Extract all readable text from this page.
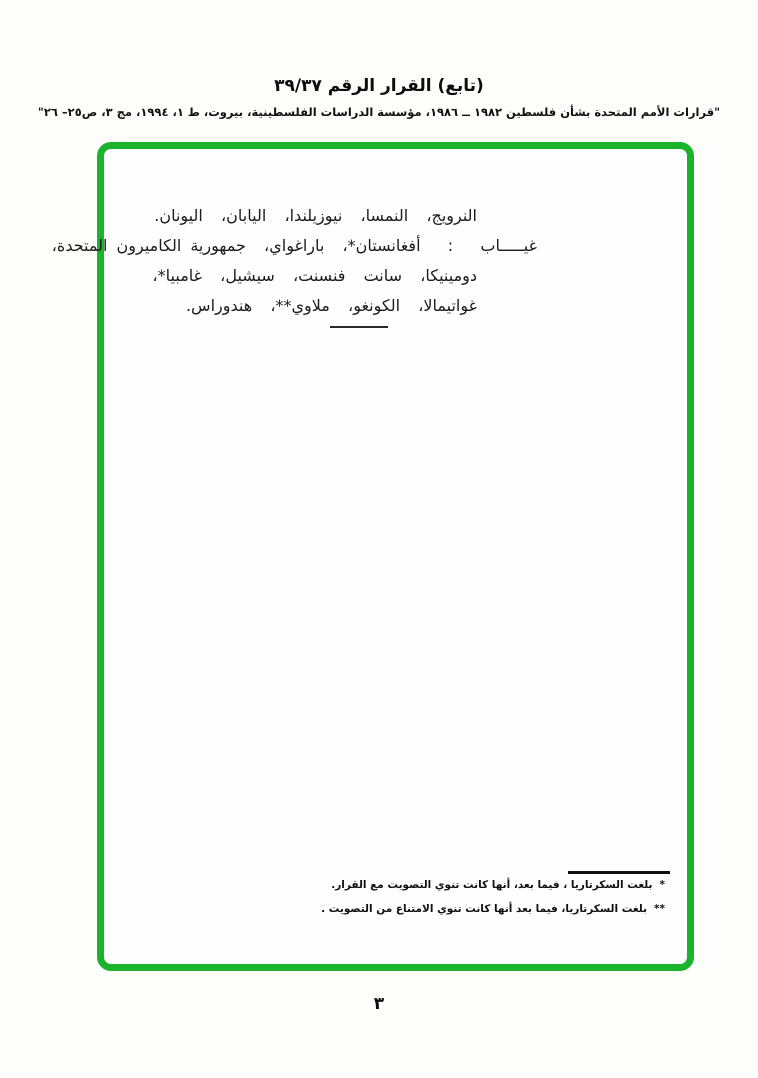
(تابع) القرار الرقم ٣٩/٣٧
"قرارات الأمم المتحدة بشأن فلسطين ١٩٨٢ ــ ١٩٨٦، مؤسسة الدراسات الفلسطينية، بيروت، ط ١، ١٩٩٤، مج ٣، ص٢٥– ٢٦"
النرويج،  النمسا،  نيوزيلندا،  اليابان،  اليونان.
غيـــــاب   :   أفغانستان*،  باراغواي،  جمهورية الكاميرون المتحدة،
دومينيكا،  سانت  فنسنت،  سيشيل،  غامبيا*،
غواتيمالا،  الكونغو،  ملاوي**،  هندوراس.
*
بلغت السكرتاريا ، فيما بعد، أنها كانت تنوي التصويت مع القرار.
**
بلغت السكرتاريا، فيما بعد أنها كانت تنوي الامتناع من التصويت .
٣
